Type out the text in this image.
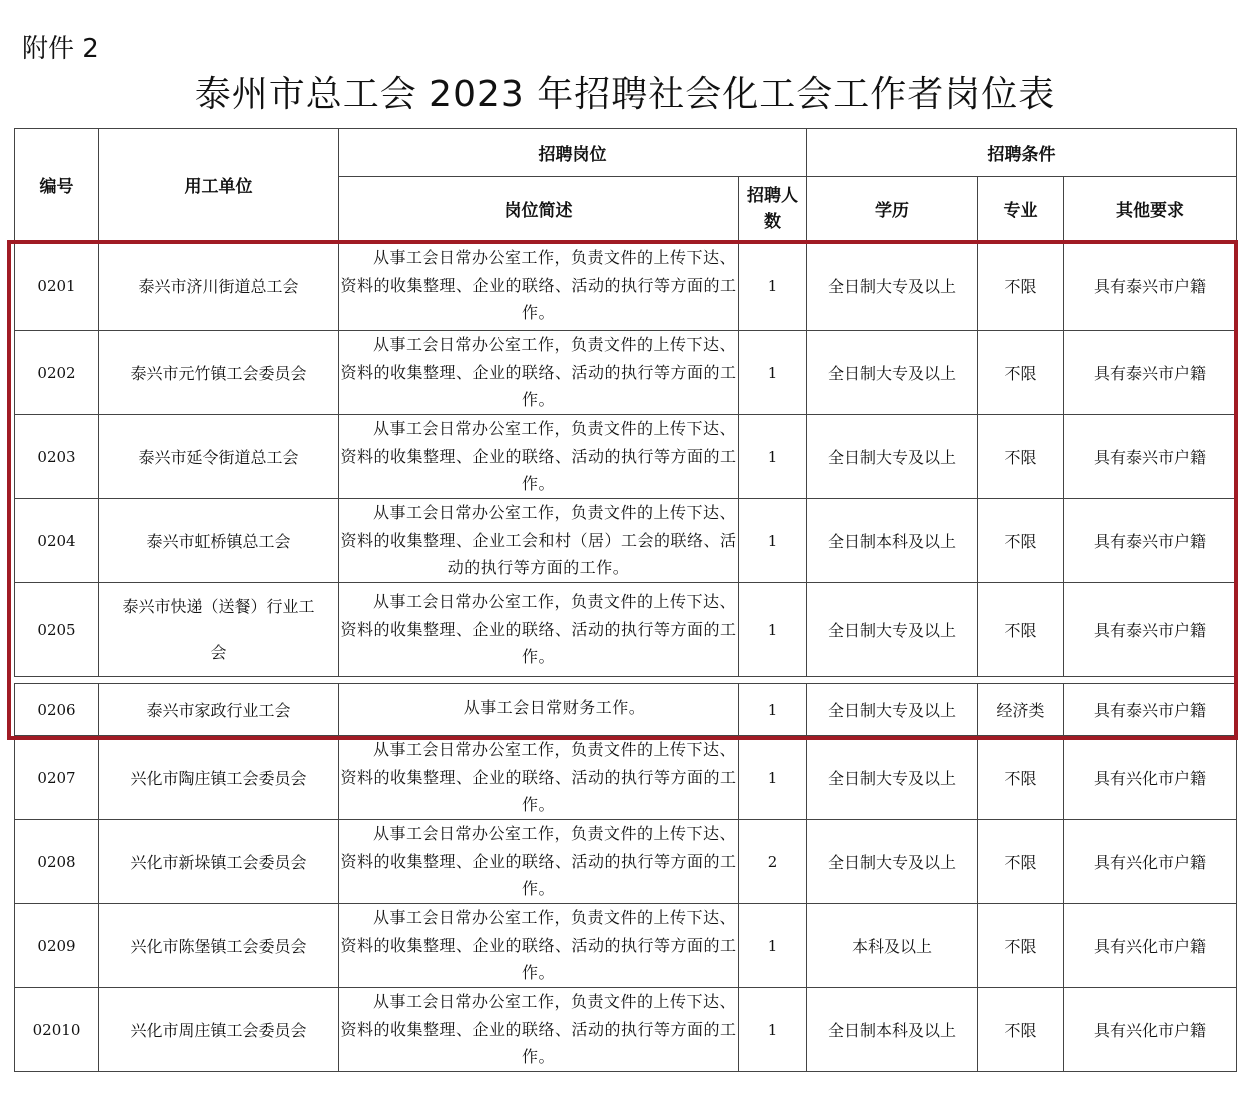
附件 2
泰州市总工会 2023 年招聘社会化工会工作者岗位表
编号	用工单位	招聘岗位		招聘条件		
		岗位简述	招聘人数	学历	专业	其他要求
0201	泰兴市济川街道总工会	从事工会日常办公室工作，负责文件的上传下达、资料的收集整理、企业的联络、活动的执行等方面的工作。	1	全日制大专及以上	不限	具有泰兴市户籍
0202	泰兴市元竹镇工会委员会	从事工会日常办公室工作，负责文件的上传下达、资料的收集整理、企业的联络、活动的执行等方面的工作。	1	全日制大专及以上	不限	具有泰兴市户籍
0203	泰兴市延令街道总工会	从事工会日常办公室工作，负责文件的上传下达、资料的收集整理、企业的联络、活动的执行等方面的工作。	1	全日制大专及以上	不限	具有泰兴市户籍
0204	泰兴市虹桥镇总工会	从事工会日常办公室工作，负责文件的上传下达、资料的收集整理、企业工会和村（居）工会的联络、活动的执行等方面的工作。	1	全日制本科及以上	不限	具有泰兴市户籍
0205	泰兴市快递（送餐）行业工会	从事工会日常办公室工作，负责文件的上传下达、资料的收集整理、企业的联络、活动的执行等方面的工作。	1	全日制大专及以上	不限	具有泰兴市户籍

0206	泰兴市家政行业工会	从事工会日常财务工作。	1	全日制大专及以上	经济类	具有泰兴市户籍
0207	兴化市陶庄镇工会委员会	从事工会日常办公室工作，负责文件的上传下达、资料的收集整理、企业的联络、活动的执行等方面的工作。	1	全日制大专及以上	不限	具有兴化市户籍
0208	兴化市新垛镇工会委员会	从事工会日常办公室工作，负责文件的上传下达、资料的收集整理、企业的联络、活动的执行等方面的工作。	2	全日制大专及以上	不限	具有兴化市户籍
0209	兴化市陈堡镇工会委员会	从事工会日常办公室工作，负责文件的上传下达、资料的收集整理、企业的联络、活动的执行等方面的工作。	1	本科及以上	不限	具有兴化市户籍
02010	兴化市周庄镇工会委员会	从事工会日常办公室工作，负责文件的上传下达、资料的收集整理、企业的联络、活动的执行等方面的工作。	1	全日制本科及以上	不限	具有兴化市户籍
